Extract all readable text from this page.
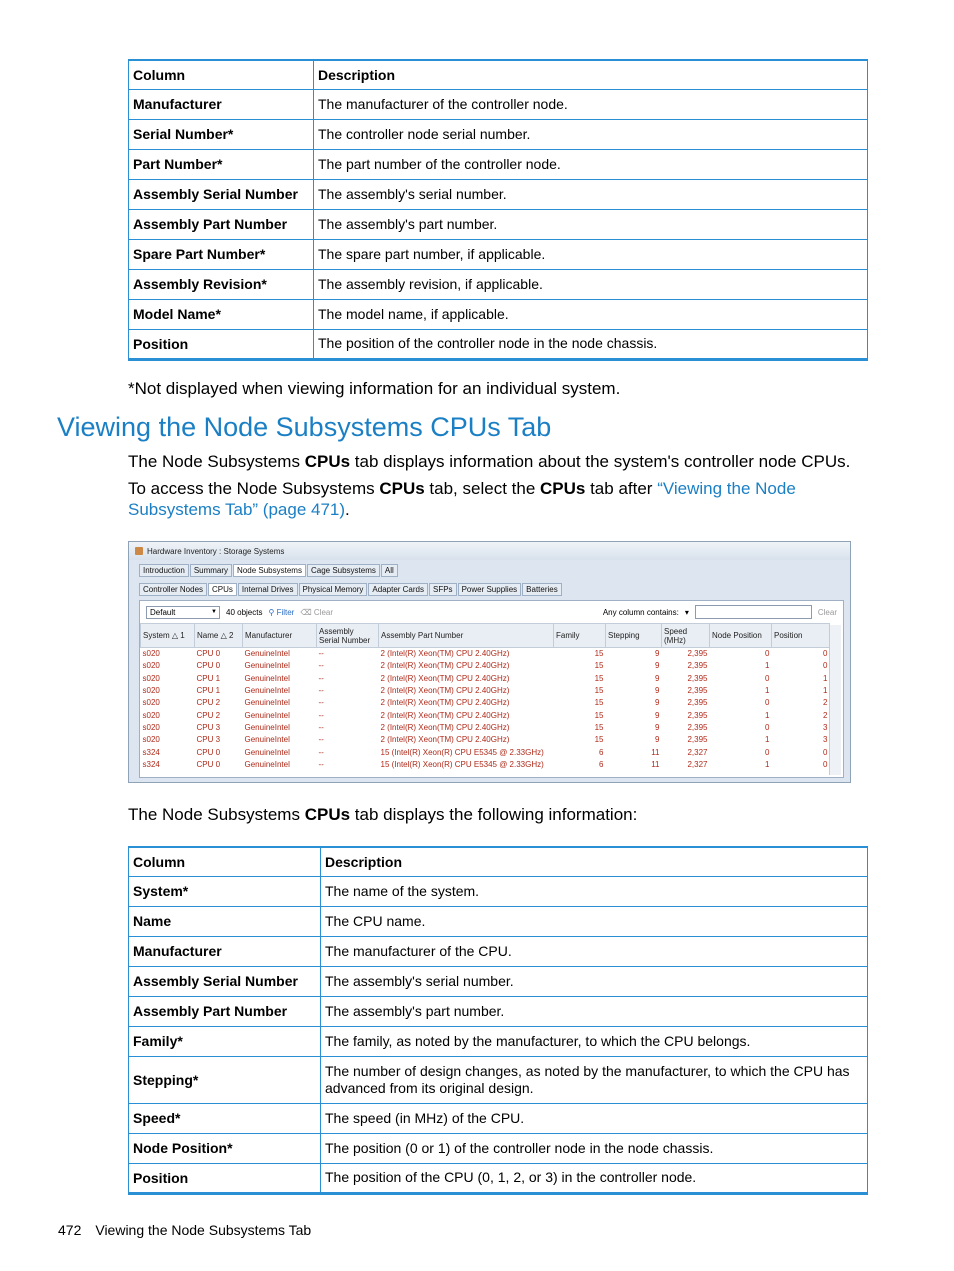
Column	Description
Manufacturer	The manufacturer of the controller node.
Serial Number*	The controller node serial number.
Part Number*	The part number of the controller node.
Assembly Serial Number	The assembly's serial number.
Assembly Part Number	The assembly's part number.
Spare Part Number*	The spare part number, if applicable.
Assembly Revision*	The assembly revision, if applicable.
Model Name*	The model name, if applicable.
Position	The position of the controller node in the node chassis.
*Not displayed when viewing information for an individual system.
Viewing the Node Subsystems CPUs Tab

The Node Subsystems CPUs tab displays information about the system's controller node CPUs.

To access the Node Subsystems CPUs tab, select the CPUs tab after “Viewing the Node Subsystems Tab” (page 471).

Hardware Inventory : Storage Systems
Introduction	Summary	Node Subsystems	Cage Subsystems	All
Controller Nodes	CPUs	Internal Drives	Physical Memory	Adapter Cards	SFPs	Power Supplies	Batteries
Default ▼	40 objects ⚲ Filter ⌫ Clear	Any column contains: ▾	Clear
System △ 1	Name △ 2	Manufacturer	Assembly Serial Number	Assembly Part Number	Family	Stepping	Speed (MHz)	Node Position	Position
s020	CPU 0	GenuineIntel	--	2 (Intel(R) Xeon(TM) CPU 2.40GHz)	15	9	2,395	0	0
s020	CPU 0	GenuineIntel	--	2 (Intel(R) Xeon(TM) CPU 2.40GHz)	15	9	2,395	1	0
s020	CPU 1	GenuineIntel	--	2 (Intel(R) Xeon(TM) CPU 2.40GHz)	15	9	2,395	0	1
s020	CPU 1	GenuineIntel	--	2 (Intel(R) Xeon(TM) CPU 2.40GHz)	15	9	2,395	1	1
s020	CPU 2	GenuineIntel	--	2 (Intel(R) Xeon(TM) CPU 2.40GHz)	15	9	2,395	0	2
s020	CPU 2	GenuineIntel	--	2 (Intel(R) Xeon(TM) CPU 2.40GHz)	15	9	2,395	1	2
s020	CPU 3	GenuineIntel	--	2 (Intel(R) Xeon(TM) CPU 2.40GHz)	15	9	2,395	0	3
s020	CPU 3	GenuineIntel	--	2 (Intel(R) Xeon(TM) CPU 2.40GHz)	15	9	2,395	1	3
s324	CPU 0	GenuineIntel	--	15 (Intel(R) Xeon(R) CPU E5345 @ 2.33GHz)	6	11	2,327	0	0
s324	CPU 0	GenuineIntel	--	15 (Intel(R) Xeon(R) CPU E5345 @ 2.33GHz)	6	11	2,327	1	0

The Node Subsystems CPUs tab displays the following information:

Column	Description
System*	The name of the system.
Name	The CPU name.
Manufacturer	The manufacturer of the CPU.
Assembly Serial Number	The assembly's serial number.
Assembly Part Number	The assembly's part number.
Family*	The family, as noted by the manufacturer, to which the CPU belongs.
Stepping*	The number of design changes, as noted by the manufacturer, to which the CPU has advanced from its original design.
Speed*	The speed (in MHz) of the CPU.
Node Position*	The position (0 or 1) of the controller node in the node chassis.
Position	The position of the CPU (0, 1, 2, or 3) in the controller node.
472 Viewing the Node Subsystems Tab
